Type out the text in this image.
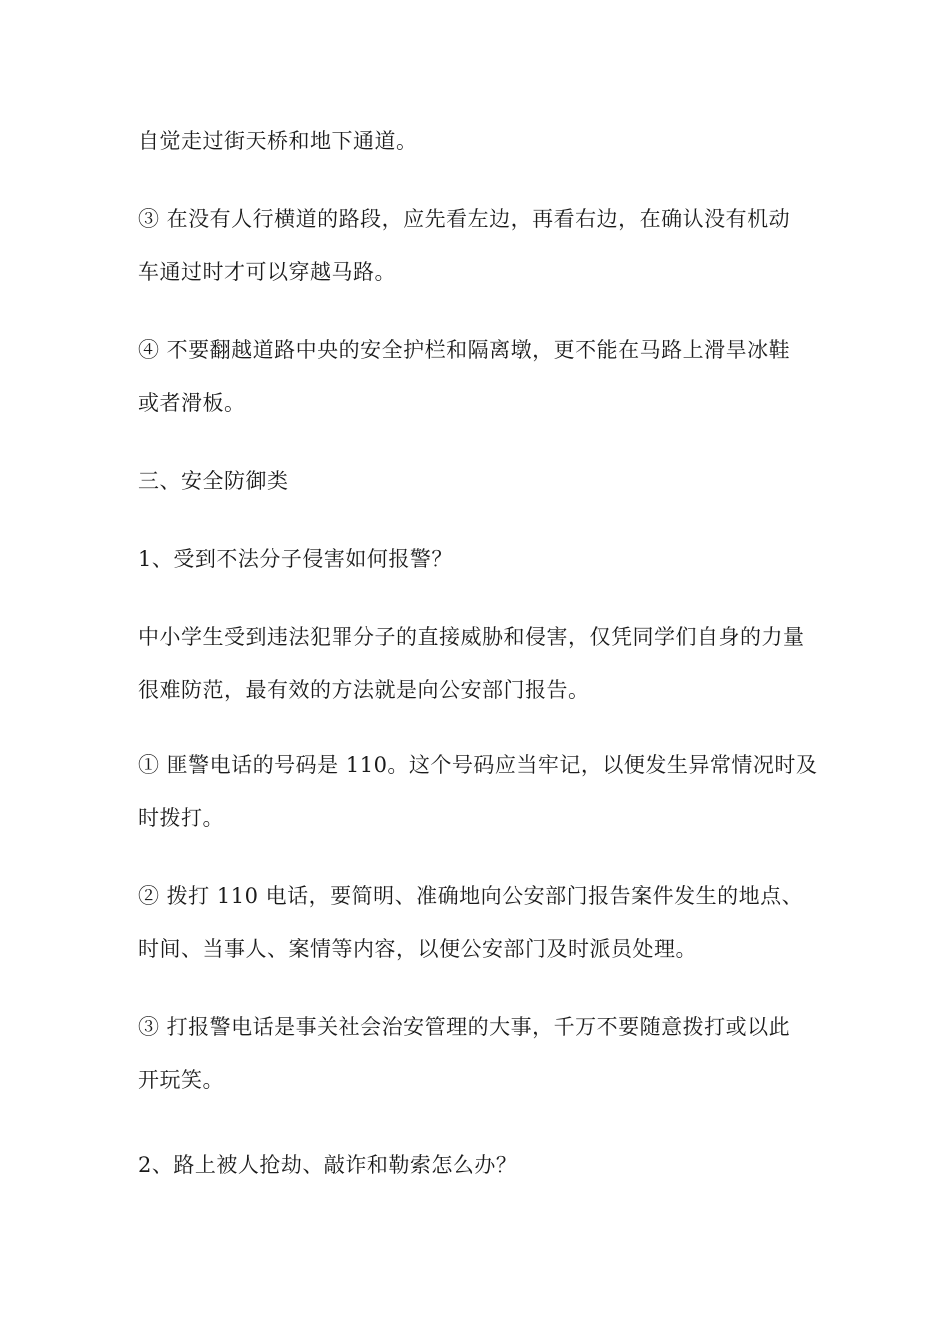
自觉走过街天桥和地下通道。
③ 在没有人行横道的路段，应先看左边，再看右边，在确认没有机动
车通过时才可以穿越马路。
④ 不要翻越道路中央的安全护栏和隔离墩，更不能在马路上滑旱冰鞋
或者滑板。
三、安全防御类
1、受到不法分子侵害如何报警？
中小学生受到违法犯罪分子的直接威胁和侵害，仅凭同学们自身的力量
很难防范，最有效的方法就是向公安部门报告。
① 匪警电话的号码是 110。这个号码应当牢记，以便发生异常情况时及
时拨打。
② 拨打 110 电话，要简明、准确地向公安部门报告案件发生的地点、
时间、当事人、案情等内容，以便公安部门及时派员处理。
③ 打报警电话是事关社会治安管理的大事，千万不要随意拨打或以此
开玩笑。
2、路上被人抢劫、敲诈和勒索怎么办？
